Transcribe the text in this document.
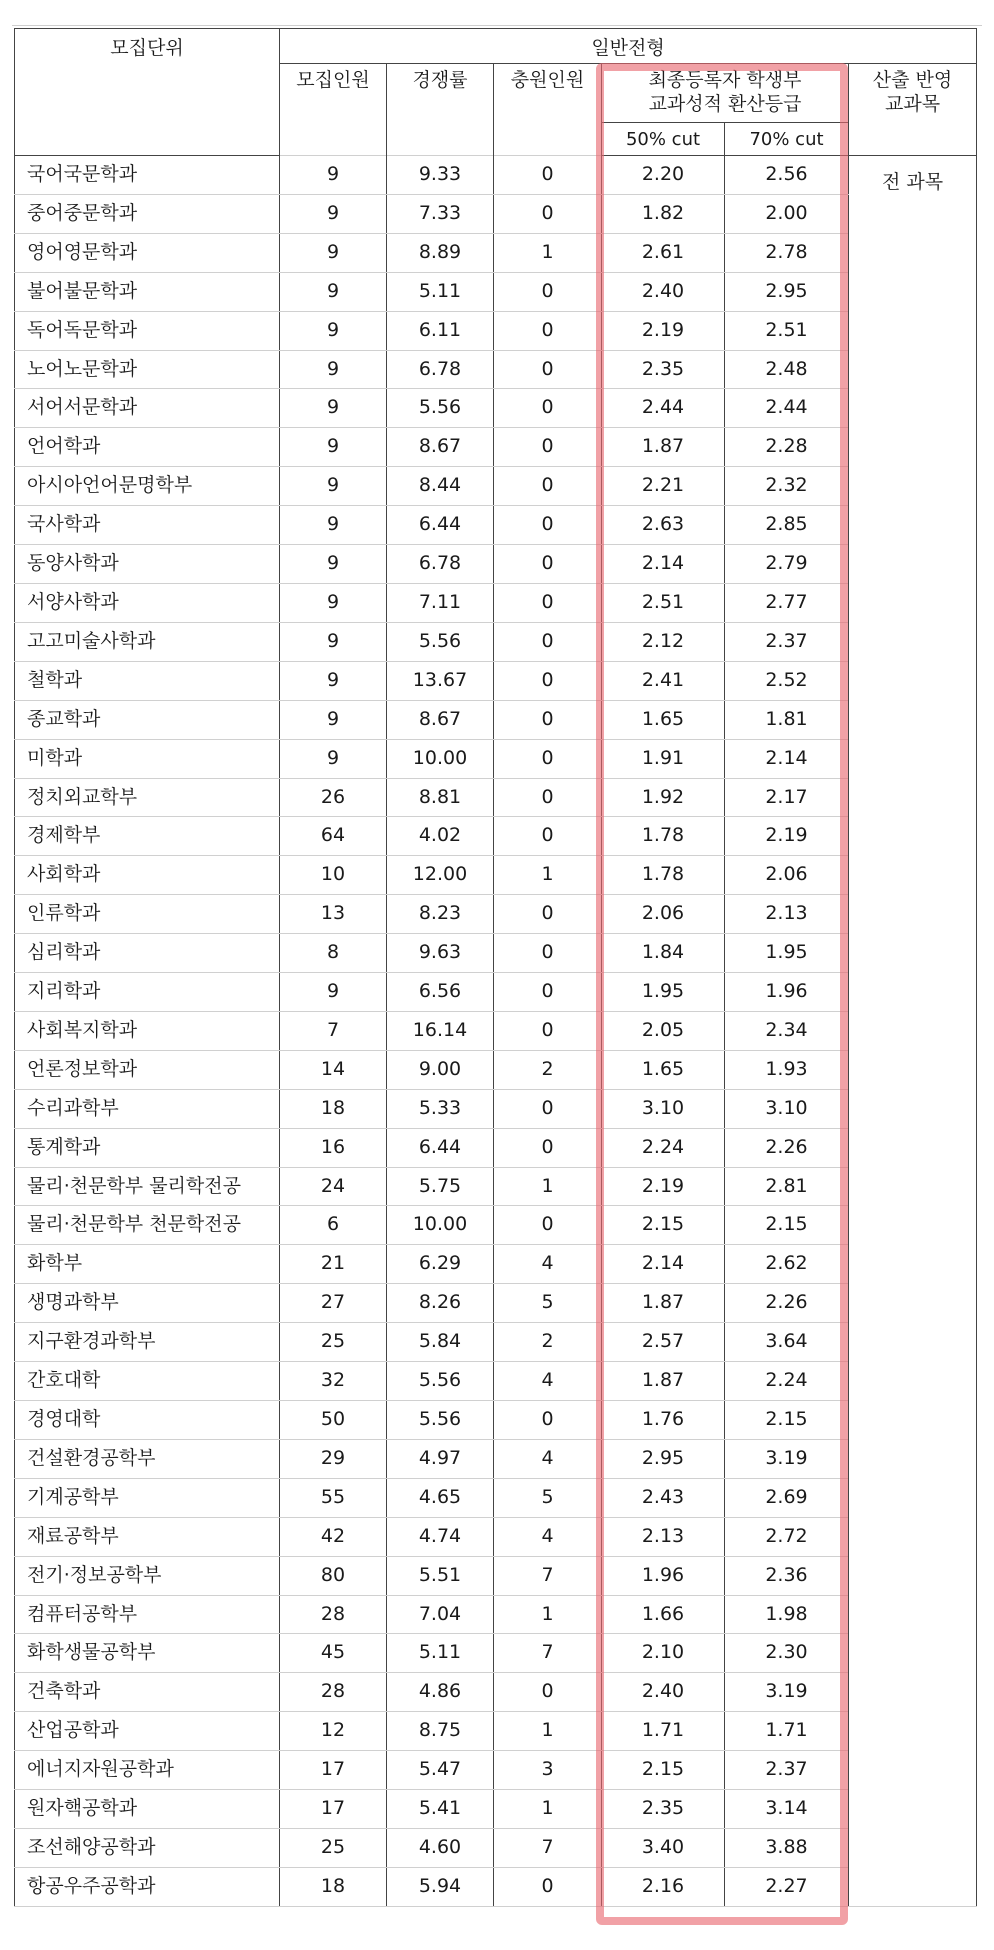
모집단위	일반전형					
	모집인원	경쟁률	충원인원	최종등록자 학생부
교과성적 환산등급		산출 반영
교과목

				50% cut	70% cut	
국어국문학과	9	9.33	0	2.20	2.56	전 과목
중어중문학과	9	7.33	0	1.82	2.00	
영어영문학과	9	8.89	1	2.61	2.78	
불어불문학과	9	5.11	0	2.40	2.95	
독어독문학과	9	6.11	0	2.19	2.51	
노어노문학과	9	6.78	0	2.35	2.48	
서어서문학과	9	5.56	0	2.44	2.44	
언어학과	9	8.67	0	1.87	2.28	
아시아언어문명학부	9	8.44	0	2.21	2.32	
국사학과	9	6.44	0	2.63	2.85	
동양사학과	9	6.78	0	2.14	2.79	
서양사학과	9	7.11	0	2.51	2.77	
고고미술사학과	9	5.56	0	2.12	2.37	
철학과	9	13.67	0	2.41	2.52	
종교학과	9	8.67	0	1.65	1.81	
미학과	9	10.00	0	1.91	2.14	
정치외교학부	26	8.81	0	1.92	2.17	
경제학부	64	4.02	0	1.78	2.19	
사회학과	10	12.00	1	1.78	2.06	
인류학과	13	8.23	0	2.06	2.13	
심리학과	8	9.63	0	1.84	1.95	
지리학과	9	6.56	0	1.95	1.96	
사회복지학과	7	16.14	0	2.05	2.34	
언론정보학과	14	9.00	2	1.65	1.93	
수리과학부	18	5.33	0	3.10	3.10	
통계학과	16	6.44	0	2.24	2.26	
물리·천문학부 물리학전공	24	5.75	1	2.19	2.81	
물리·천문학부 천문학전공	6	10.00	0	2.15	2.15	
화학부	21	6.29	4	2.14	2.62	
생명과학부	27	8.26	5	1.87	2.26	
지구환경과학부	25	5.84	2	2.57	3.64	
간호대학	32	5.56	4	1.87	2.24	
경영대학	50	5.56	0	1.76	2.15	
건설환경공학부	29	4.97	4	2.95	3.19	
기계공학부	55	4.65	5	2.43	2.69	
재료공학부	42	4.74	4	2.13	2.72	
전기·정보공학부	80	5.51	7	1.96	2.36	
컴퓨터공학부	28	7.04	1	1.66	1.98	
화학생물공학부	45	5.11	7	2.10	2.30	
건축학과	28	4.86	0	2.40	3.19	
산업공학과	12	8.75	1	1.71	1.71	
에너지자원공학과	17	5.47	3	2.15	2.37	
원자핵공학과	17	5.41	1	2.35	3.14	
조선해양공학과	25	4.60	7	3.40	3.88	
항공우주공학과	18	5.94	0	2.16	2.27	
